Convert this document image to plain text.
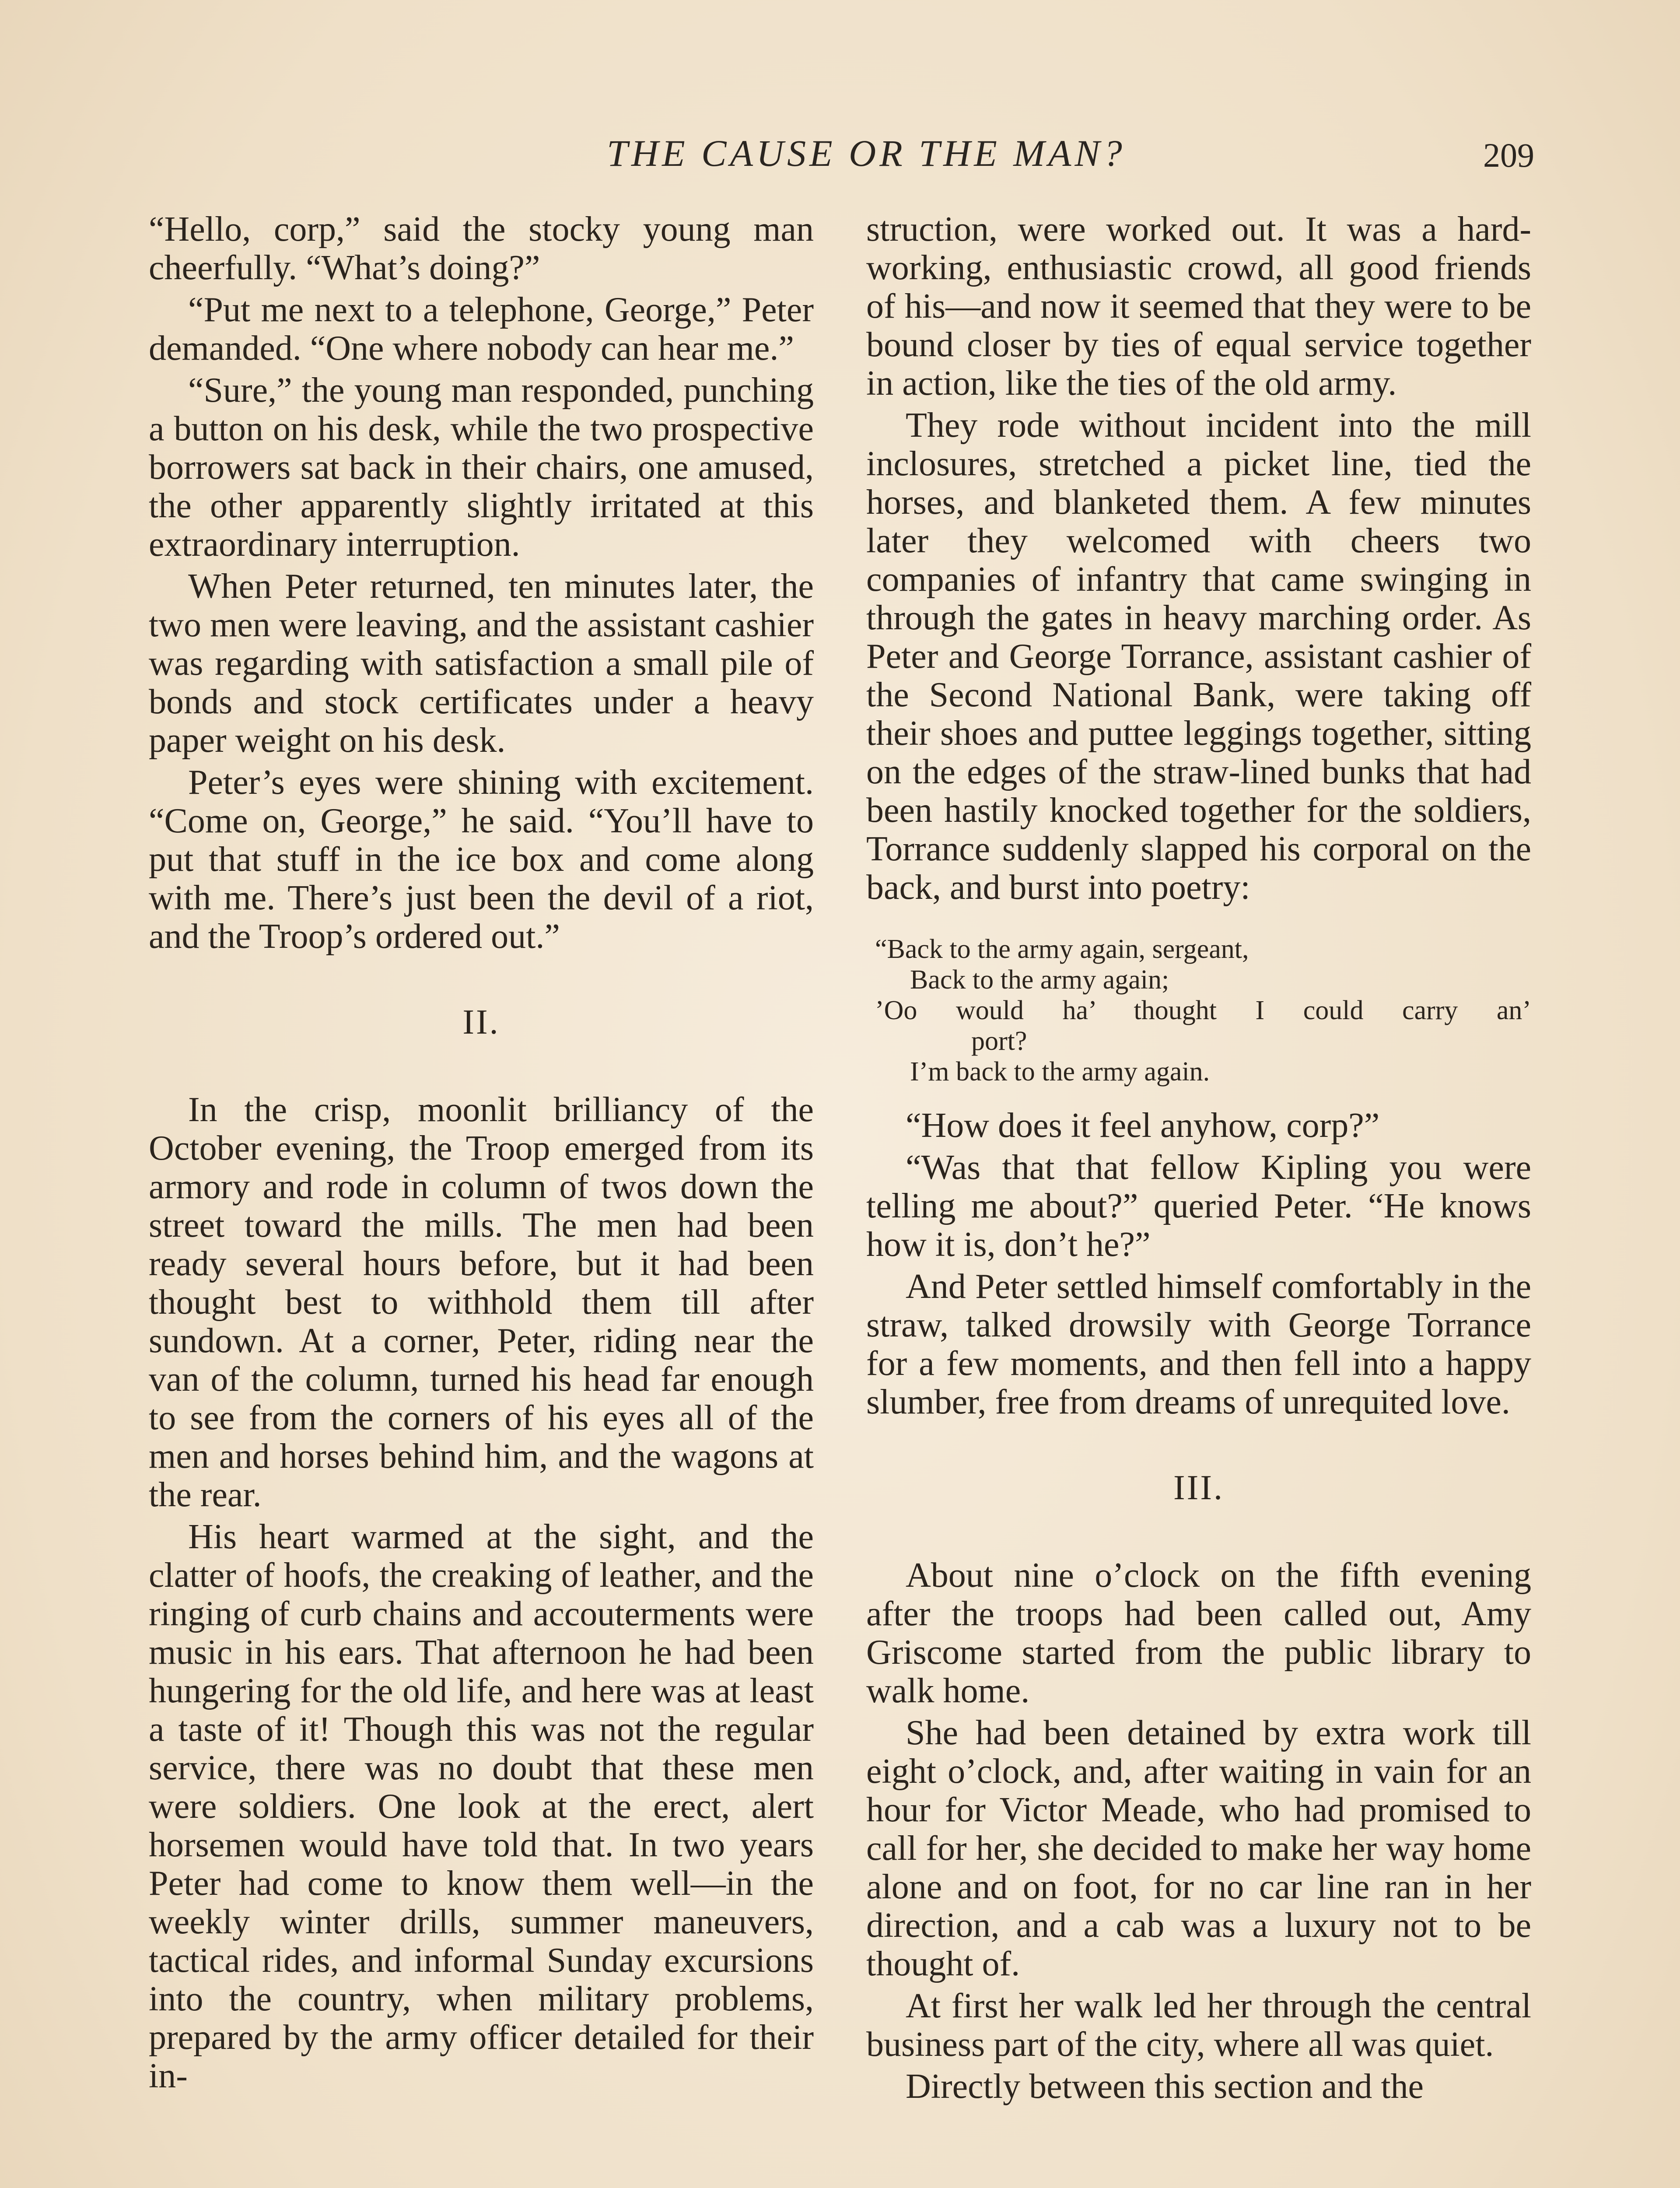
THE CAUSE OR THE MAN?	209

“Hello, corp,” said the stocky young man cheerfully. “What’s doing?”

“Put me next to a telephone, George,” Peter demanded. “One where nobody can hear me.”

“Sure,” the young man responded, punching a button on his desk, while the two prospective borrowers sat back in their chairs, one amused, the other apparently slightly irritated at this extraordinary interruption.

When Peter returned, ten minutes later, the two men were leaving, and the assistant cashier was regarding with satisfaction a small pile of bonds and stock certificates under a heavy paper weight on his desk.

Peter’s eyes were shining with excitement. “Come on, George,” he said. “You’ll have to put that stuff in the ice box and come along with me. There’s just been the devil of a riot, and the Troop’s ordered out.”

II.

In the crisp, moonlit brilliancy of the October evening, the Troop emerged from its armory and rode in column of twos down the street toward the mills. The men had been ready several hours before, but it had been thought best to withhold them till after sundown. At a corner, Peter, riding near the van of the column, turned his head far enough to see from the corners of his eyes all of the men and horses behind him, and the wagons at the rear.

His heart warmed at the sight, and the clatter of hoofs, the creaking of leather, and the ringing of curb chains and accouterments were music in his ears. That afternoon he had been hungering for the old life, and here was at least a taste of it! Though this was not the regular service, there was no doubt that these men were soldiers. One look at the erect, alert horsemen would have told that. In two years Peter had come to know them well—in the weekly winter drills, summer maneuvers, tactical rides, and informal Sunday excursions into the country, when military problems, prepared by the army officer detailed for their in-

struction, were worked out. It was a hard-working, enthusiastic crowd, all good friends of his—and now it seemed that they were to be bound closer by ties of equal service together in action, like the ties of the old army.

They rode without incident into the mill inclosures, stretched a picket line, tied the horses, and blanketed them. A few minutes later they welcomed with cheers two companies of infantry that came swinging in through the gates in heavy marching order. As Peter and George Torrance, assistant cashier of the Second National Bank, were taking off their shoes and puttee leggings together, sitting on the edges of the straw-lined bunks that had been hastily knocked together for the soldiers, Torrance suddenly slapped his corporal on the back, and burst into poetry:

“Back to the army again, sergeant,
Back to the army again;
’Oo would ha’ thought I could carry an’
port?
I’m back to the army again.

“How does it feel anyhow, corp?”

“Was that that fellow Kipling you were telling me about?” queried Peter. “He knows how it is, don’t he?”

And Peter settled himself comfortably in the straw, talked drowsily with George Torrance for a few moments, and then fell into a happy slumber, free from dreams of unrequited love.

III.

About nine o’clock on the fifth evening after the troops had been called out, Amy Griscome started from the public library to walk home.

She had been detained by extra work till eight o’clock, and, after waiting in vain for an hour for Victor Meade, who had promised to call for her, she decided to make her way home alone and on foot, for no car line ran in her direction, and a cab was a luxury not to be thought of.

At first her walk led her through the central business part of the city, where all was quiet.

Directly between this section and the
